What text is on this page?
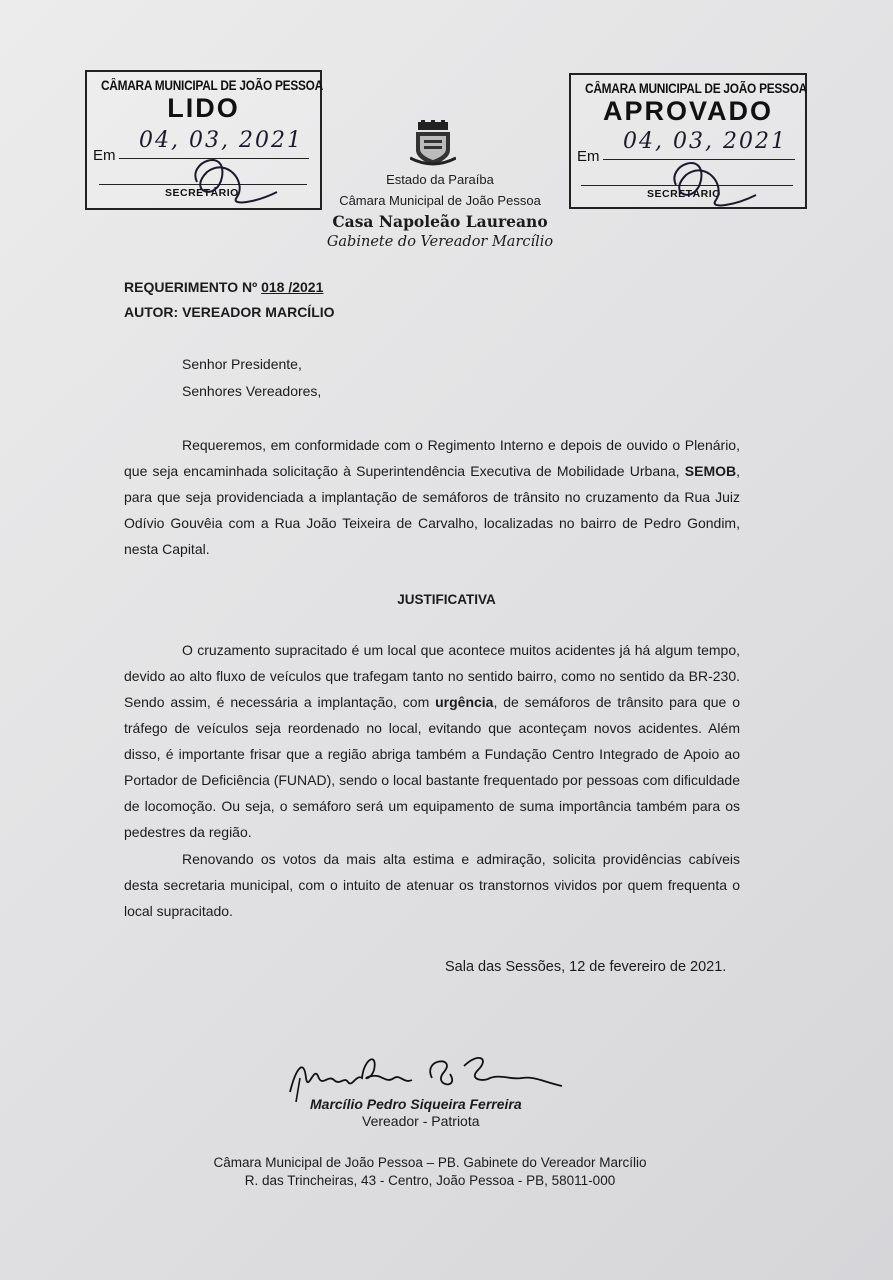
CÂMARA MUNICIPAL DE JOÃO PESSOA
LIDO
Em
04, 03, 2021
SECRETÁRIO
CÂMARA MUNICIPAL DE JOÃO PESSOA
APROVADO
Em
04, 03, 2021
SECRETÁRIO
Estado da Paraíba
Câmara Municipal de João Pessoa
Casa Napoleão Laureano
Gabinete do Vereador Marcílio
REQUERIMENTO Nº 018 /2021
AUTOR: VEREADOR MARCÍLIO
Senhor Presidente,
Senhores Vereadores,
Requeremos, em conformidade com o Regimento Interno e depois de ouvido o Plenário, que seja encaminhada solicitação à Superintendência Executiva de Mobilidade Urbana, SEMOB, para que seja providenciada a implantação de semáforos de trânsito no cruzamento da Rua Juiz Odívio Gouvêia com a Rua João Teixeira de Carvalho, localizadas no bairro de Pedro Gondim, nesta Capital.
JUSTIFICATIVA
O cruzamento supracitado é um local que acontece muitos acidentes já há algum tempo, devido ao alto fluxo de veículos que trafegam tanto no sentido bairro, como no sentido da BR-230. Sendo assim, é necessária a implantação, com urgência, de semáforos de trânsito para que o tráfego de veículos seja reordenado no local, evitando que aconteçam novos acidentes. Além disso, é importante frisar que a região abriga também a Fundação Centro Integrado de Apoio ao Portador de Deficiência (FUNAD), sendo o local bastante frequentado por pessoas com dificuldade de locomoção. Ou seja, o semáforo será um equipamento de suma importância também para os pedestres da região.
Renovando os votos da mais alta estima e admiração, solicita providências cabíveis desta secretaria municipal, com o intuito de atenuar os transtornos vividos por quem frequenta o local supracitado.
Sala das Sessões, 12 de fevereiro de 2021.
Marcílio Pedro Siqueira Ferreira
Vereador - Patriota
Câmara Municipal de João Pessoa – PB. Gabinete do Vereador Marcílio
R. das Trincheiras, 43 - Centro, João Pessoa - PB, 58011-000
